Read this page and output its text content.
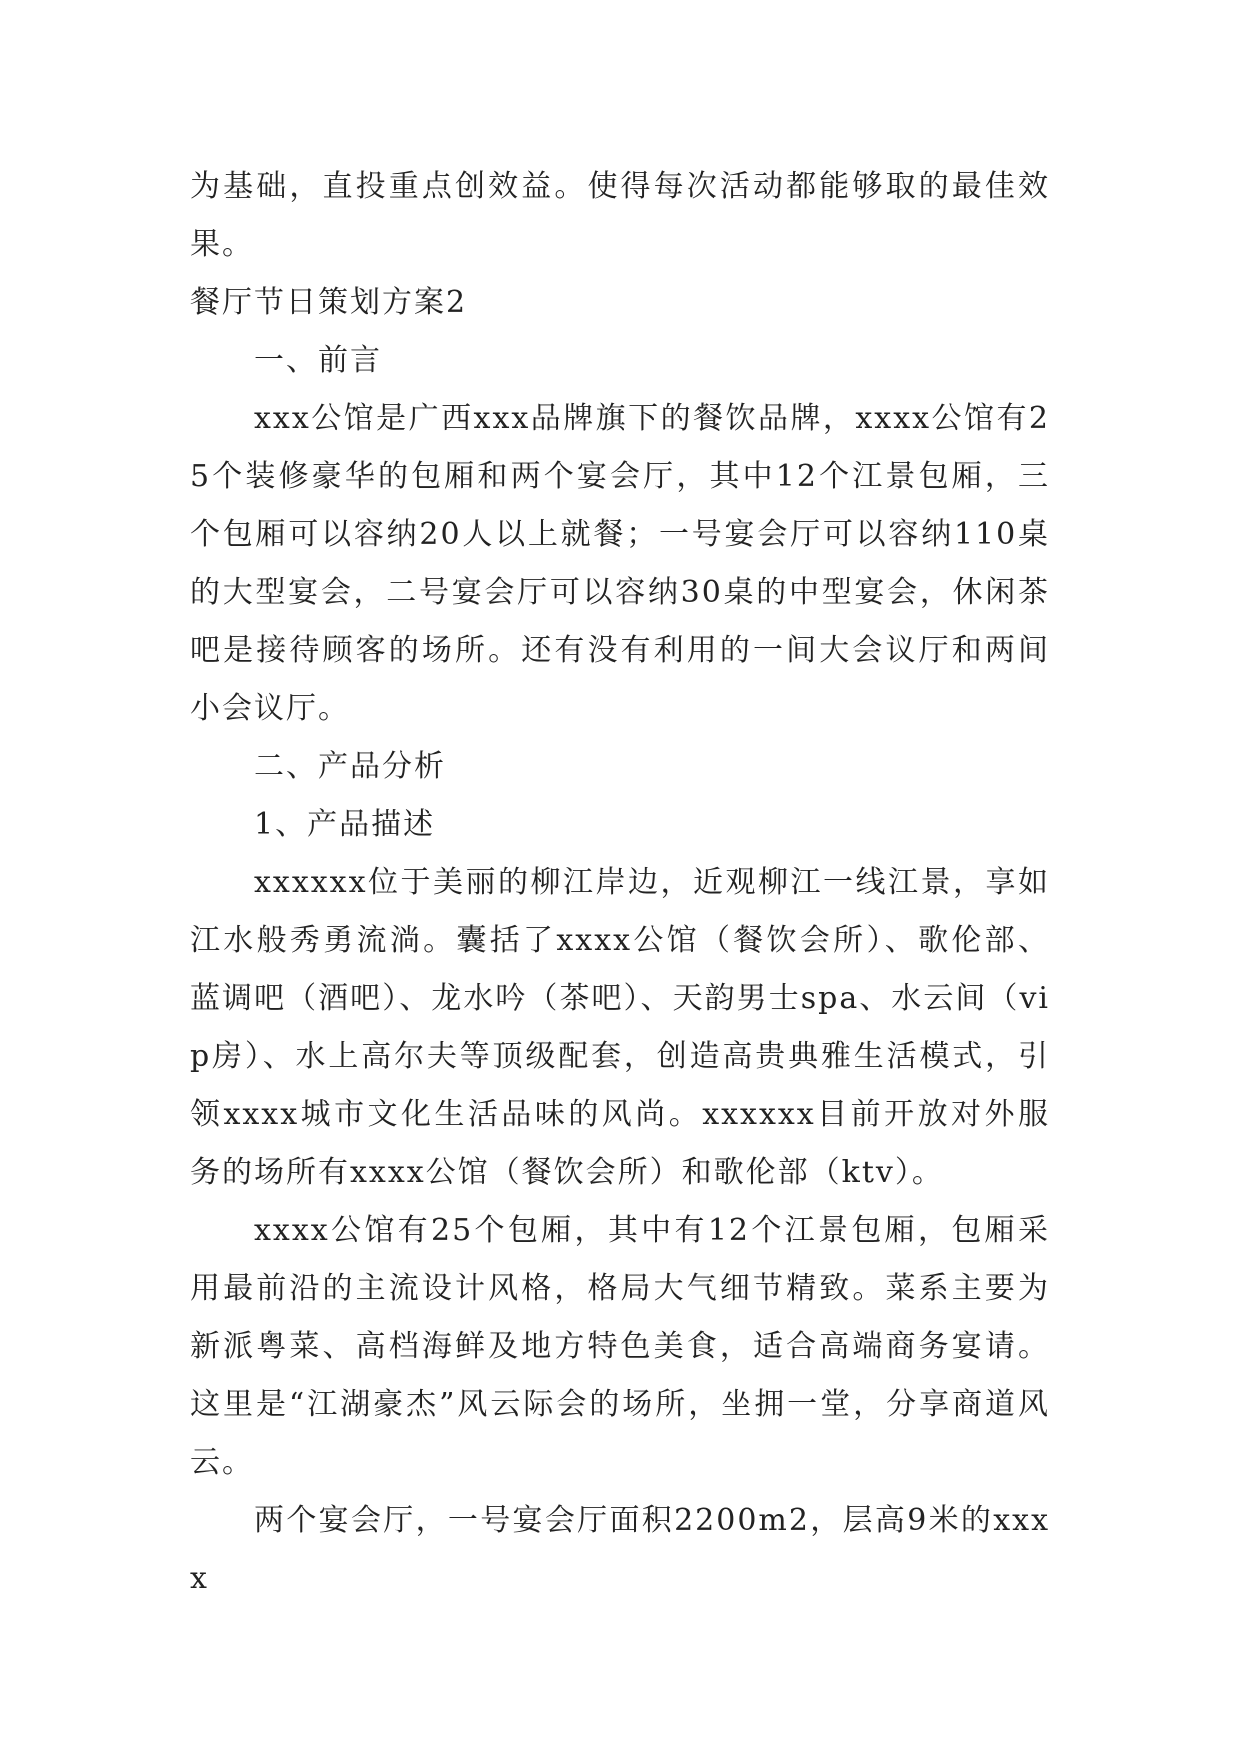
为基础，直投重点创效益。使得每次活动都能够取的最佳效果。

餐厅节日策划方案2

一、前言

xxx公馆是广西xxx品牌旗下的餐饮品牌，xxxx公馆有25个装修豪华的包厢和两个宴会厅，其中12个江景包厢，三个包厢可以容纳20人以上就餐；一号宴会厅可以容纳110桌的大型宴会，二号宴会厅可以容纳30桌的中型宴会，休闲茶吧是接待顾客的场所。还有没有利用的一间大会议厅和两间小会议厅。

二、产品分析

1、产品描述

xxxxxx位于美丽的柳江岸边，近观柳江一线江景，享如江水般秀勇流淌。囊括了xxxx公馆（餐饮会所）、歌伦部、蓝调吧（酒吧）、龙水吟（茶吧）、天韵男士spa、水云间（vip房）、水上高尔夫等顶级配套，创造高贵典雅生活模式，引领xxxx城市文化生活品味的风尚。xxxxxx目前开放对外服务的场所有xxxx公馆（餐饮会所）和歌伦部（ktv）。

xxxx公馆有25个包厢，其中有12个江景包厢，包厢采用最前沿的主流设计风格，格局大气细节精致。菜系主要为新派粤菜、高档海鲜及地方特色美食，适合高端商务宴请。这里是“江湖豪杰”风云际会的场所，坐拥一堂，分享商道风云。

两个宴会厅，一号宴会厅面积2200m2，层高9米的xxxx
